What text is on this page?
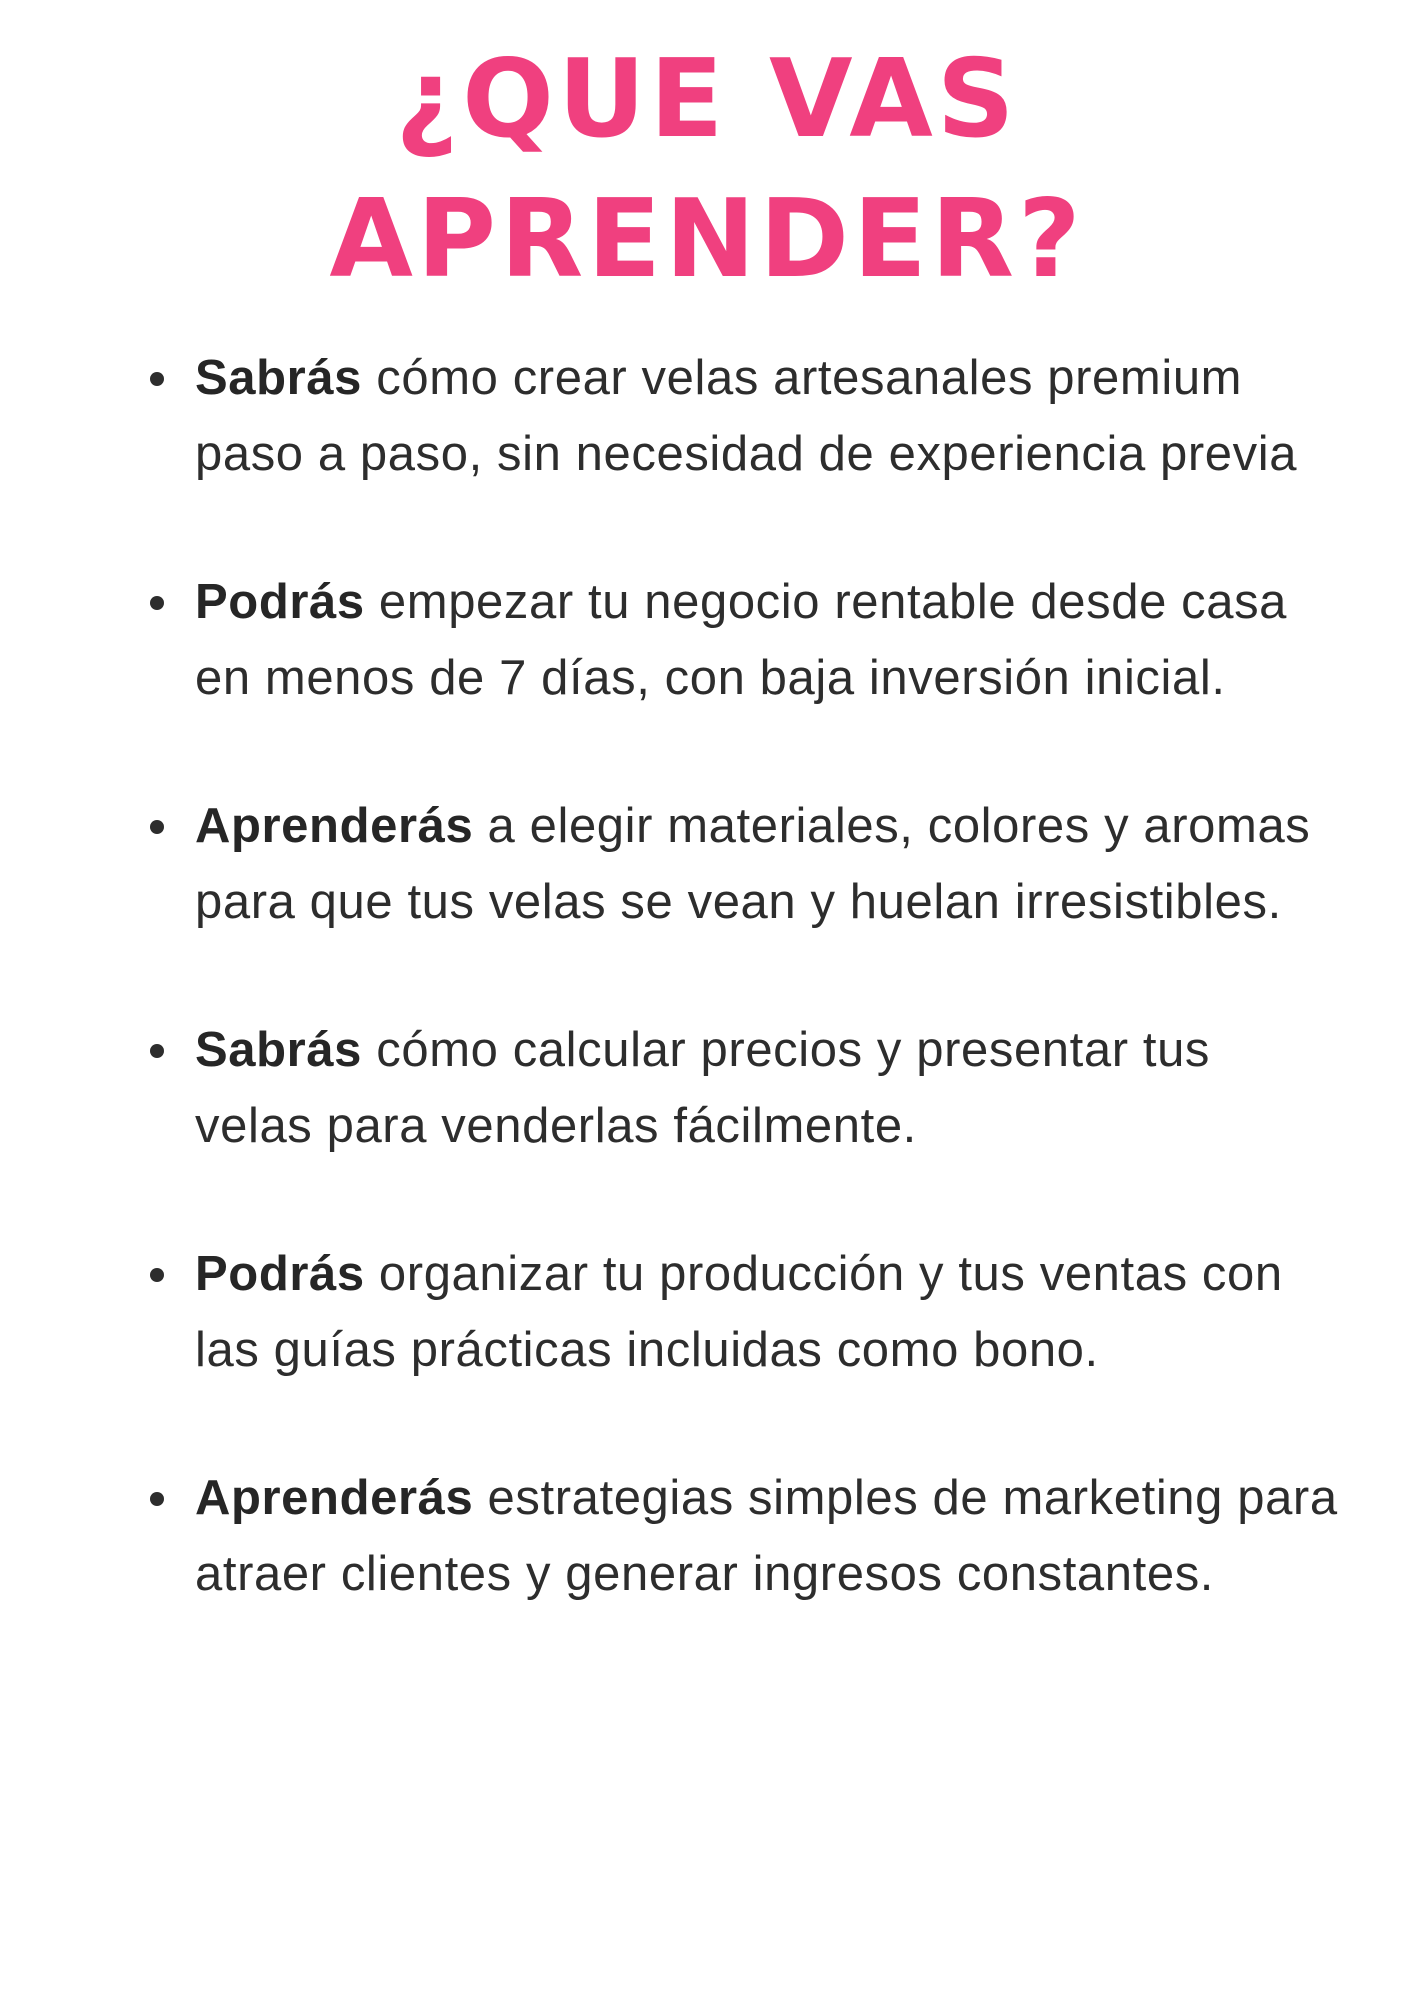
¿QUE VAS
APRENDER?
Sabrás cómo crear velas artesanales premium paso a paso, sin necesidad de experiencia previa
Podrás empezar tu negocio rentable desde casa en menos de 7 días, con baja inversión inicial.
Aprenderás a elegir materiales, colores y aromas para que tus velas se vean y huelan irresistibles.
Sabrás cómo calcular precios y presentar tus velas para venderlas fácilmente.
Podrás organizar tu producción y tus ventas con las guías prácticas incluidas como bono.
Aprenderás estrategias simples de marketing para atraer clientes y generar ingresos constantes.
